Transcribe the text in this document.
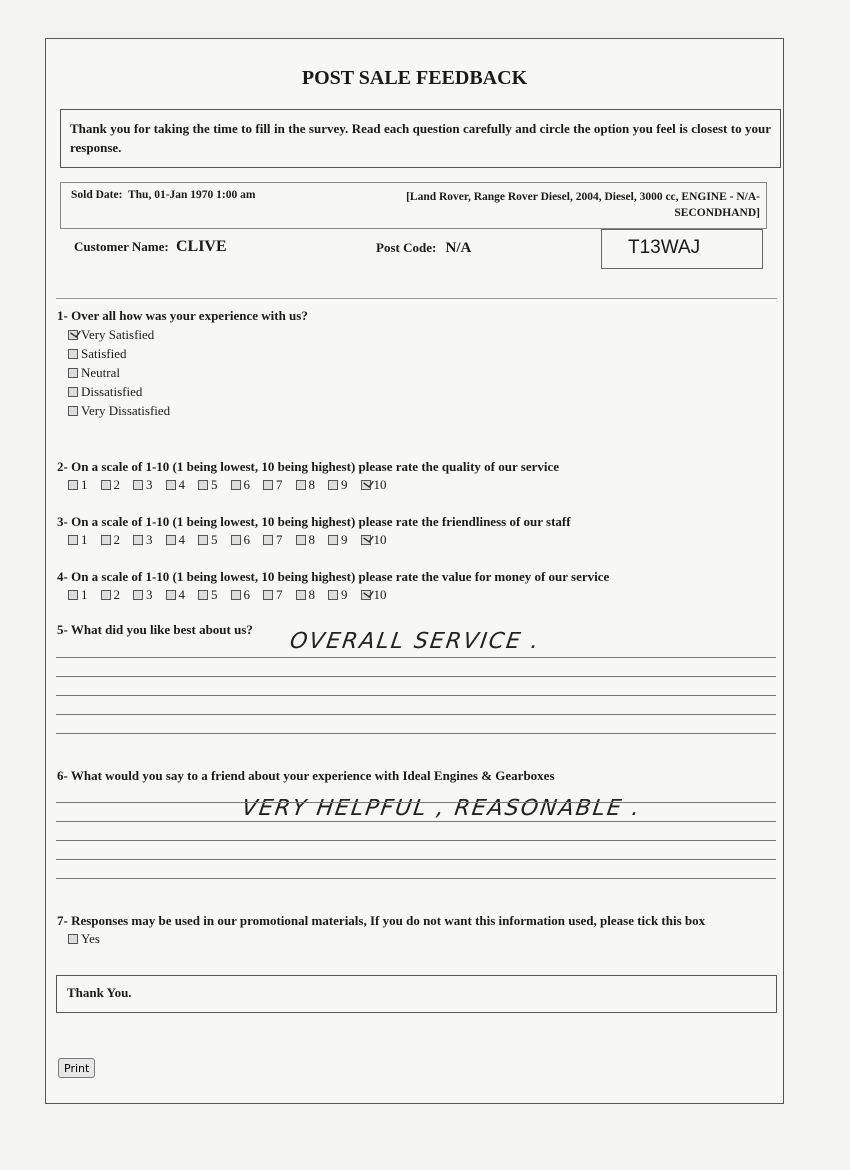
POST SALE FEEDBACK
Thank you for taking the time to fill in the survey. Read each question carefully and circle the option you feel is closest to your response.
Sold Date: Thu, 01-Jan 1970 1:00 am	[Land Rover, Range Rover Diesel, 2004, Diesel, 3000 cc, ENGINE - N/A-
SECONDHAND]
Customer Name: CLIVE	Post Code: N/A	T13WAJ
1- Over all how was your experience with us?
Very Satisfied
Satisfied
Neutral
Dissatisfied
Very Dissatisfied
2- On a scale of 1-10 (1 being lowest, 10 being highest) please rate the quality of our service
1 2 3 4 5 6 7 8 9 10
3- On a scale of 1-10 (1 being lowest, 10 being highest) please rate the friendliness of our staff
1 2 3 4 5 6 7 8 9 10
4- On a scale of 1-10 (1 being lowest, 10 being highest) please rate the value for money of our service
1 2 3 4 5 6 7 8 9 10
5- What did you like best about us? OVERALL SERVICE .
6- What would you say to a friend about your experience with Ideal Engines & Gearboxes
VERY HELPFUL , REASONABLE .
7- Responses may be used in our promotional materials, If you do not want this information used, please tick this box
Yes
Thank You.
Print
